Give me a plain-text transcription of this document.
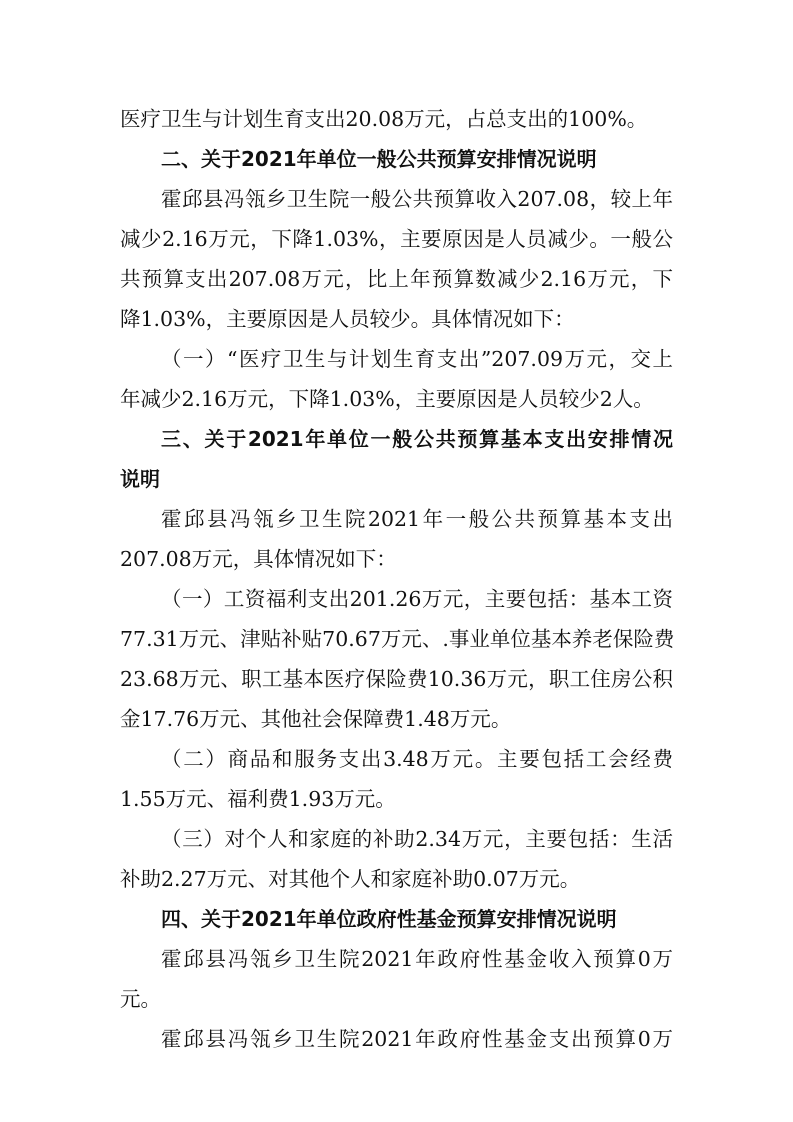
医疗卫生与计划生育支出20.08万元，占总支出的100%。

二、关于2021年单位一般公共预算安排情况说明

霍邱县冯瓴乡卫生院一般公共预算收入207.08，较上年

减少2.16万元，下降1.03%，主要原因是人员减少。一般公

共预算支出207.08万元，比上年预算数减少2.16万元，下

降1.03%，主要原因是人员较少。具体情况如下：

（一）“医疗卫生与计划生育支出”207.09万元，交上

年减少2.16万元，下降1.03%，主要原因是人员较少2人。

三、关于2021年单位一般公共预算基本支出安排情况

说明

霍邱县冯瓴乡卫生院2021年一般公共预算基本支出

207.08万元，具体情况如下：

（一）工资福利支出201.26万元，主要包括：基本工资

77.31万元、津贴补贴70.67万元、.事业单位基本养老保险费

23.68万元、职工基本医疗保险费10.36万元，职工住房公积

金17.76万元、其他社会保障费1.48万元。

（二）商品和服务支出3.48万元。主要包括工会经费

1.55万元、福利费1.93万元。

（三）对个人和家庭的补助2.34万元，主要包括：生活

补助2.27万元、对其他个人和家庭补助0.07万元。

四、关于2021年单位政府性基金预算安排情况说明

霍邱县冯瓴乡卫生院2021年政府性基金收入预算0万

元。

霍邱县冯瓴乡卫生院2021年政府性基金支出预算0万
